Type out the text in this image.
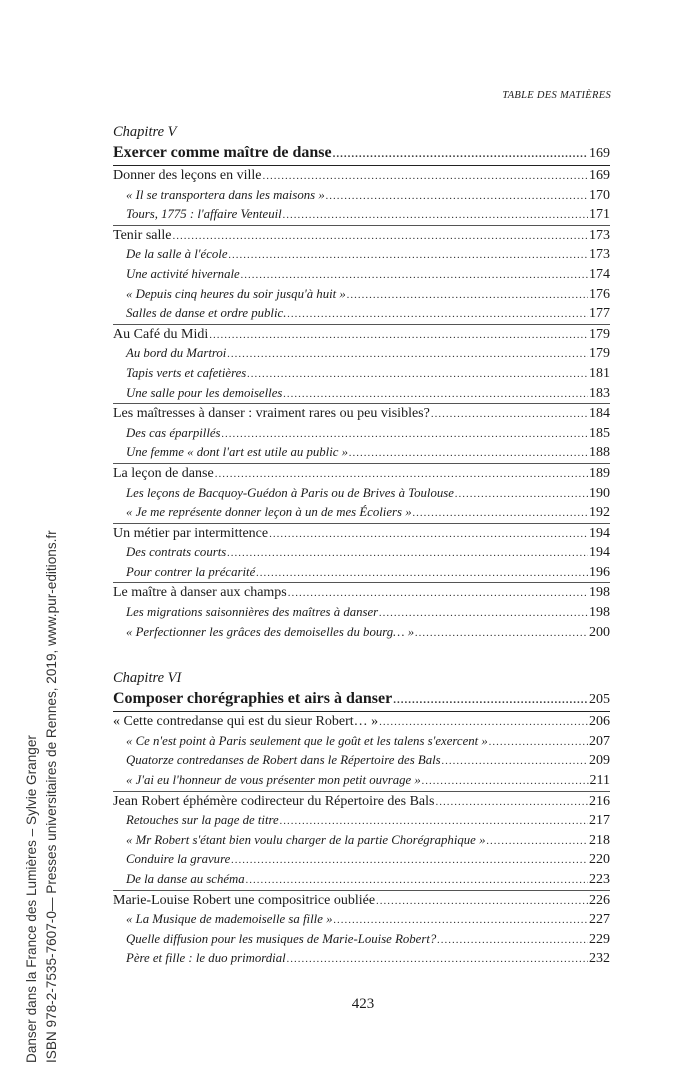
TABLE DES MATIÈRES
Chapitre V
Exercer comme maître de danse .....	169
Donner des leçons en ville .....	169
« Il se transportera dans les maisons » .....	170
Tours, 1775 : l'affaire Venteuil .....	171
Tenir salle .....	173
De la salle à l'école .....	173
Une activité hivernale .....	174
« Depuis cinq heures du soir jusqu'à huit » .....	176
Salles de danse et ordre public. .....	177
Au Café du Midi .....	179
Au bord du Martroi .....	179
Tapis verts et cafetières .....	181
Une salle pour les demoiselles .....	183
Les maîtresses à danser : vraiment rares ou peu visibles? .....	184
Des cas éparpillés .....	185
Une femme « dont l'art est utile au public » .....	188
La leçon de danse .....	189
Les leçons de Bacquoy-Guédon à Paris ou de Brives à Toulouse .....	190
« Je me représente donner leçon à un de mes Écoliers » .....	192
Un métier par intermittence .....	194
Des contrats courts .....	194
Pour contrer la précarité .....	196
Le maître à danser aux champs .....	198
Les migrations saisonnières des maîtres à danser .....	198
« Perfectionner les grâces des demoiselles du bourg… » .....	200
Chapitre VI
Composer chorégraphies et airs à danser .....	205
« Cette contredanse qui est du sieur Robert… » .....	206
« Ce n'est point à Paris seulement que le goût et les talens s'exercent » .....	207
Quatorze contredanses de Robert dans le Répertoire des Bals .....	209
« J'ai eu l'honneur de vous présenter mon petit ouvrage » .....	211
Jean Robert éphémère codirecteur du Répertoire des Bals .....	216
Retouches sur la page de titre .....	217
« Mr Robert s'étant bien voulu charger de la partie Chorégraphique » .....	218
Conduire la gravure .....	220
De la danse au schéma .....	223
Marie-Louise Robert une compositrice oubliée .....	226
« La Musique de mademoiselle sa fille » .....	227
Quelle diffusion pour les musiques de Marie-Louise Robert? .....	229
Père et fille : le duo primordial .....	232
423
Danser dans la France des Lumières – Sylvie Granger ISBN 978-2-7535-7607-0— Presses universitaires de Rennes, 2019, www.pur-editions.fr
